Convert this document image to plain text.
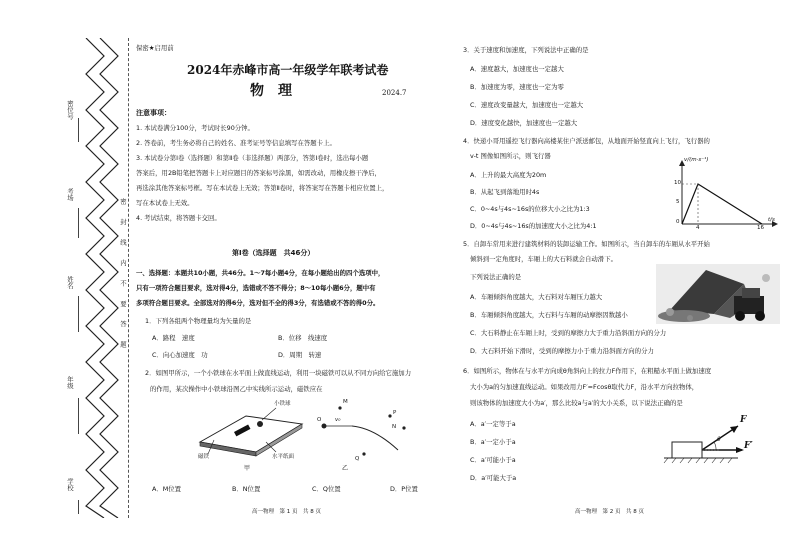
密位号
考场
姓名
年级
学校
密 封 线 内 不 要 答 题
保密★启用前
2024年赤峰市高一年级学年联考试卷
物　理	2024.7
注意事项：
1. 本试卷满分100分，考试时长90分钟。
2. 答卷前，考生务必将自己的姓名、准考证号等信息填写在答题卡上。
3. 本试卷分第Ⅰ卷（选择题）和第Ⅱ卷（非选择题）两部分，答第Ⅰ卷时，选出每小题
答案后，用2B铅笔把答题卡上对应题目的答案标号涂黑，如需改动，用橡皮擦干净后，
再选涂其他答案标号框。写在本试卷上无效；答第Ⅱ卷时，将答案写在答题卡相应位置上，
写在本试卷上无效。
4. 考试结束，将答题卡交回。
第Ⅰ卷（选择题　共46分）
一、选择题：本题共10小题，共46分。1～7每小题4分，在每小题给出的四个选项中，
只有一项符合题目要求，选对得4分，选错或不答不得分；8～10每小题6分，题中有
多项符合题目要求。全部选对的得6分，选对但不全的得3分，有选错或不答的得0分。
1．下列各组两个物理量均为矢量的是
A．路程　速度	B．位移　线速度
C．向心加速度　功	D．周期　转速
2．如图甲所示，一个小铁球在水平面上做直线运动，利用一块磁铁可以从不同方向给它施加力
的作用，某次操作中小铁球沿图乙中实线所示运动，磁铁应在
小铁球
磁铁	水平纸面
甲
O v₀
M
N
P
Q
乙
A．M位置	B．N位置	C．Q位置	D．P位置
高一物理　第 1 页　共 8 页
3．关于速度和加速度，下列说法中正确的是
A．速度越大，加速度也一定越大
B．加速度为零，速度也一定为零
C．速度改变量越大，加速度也一定越大
D．速度变化越快，加速度也一定越大
4．快递小哥用遥控飞行器向高楼某住户派送邮包，从地面开始竖直向上飞行，飞行器的
v-t 图像如图所示，则飞行器
A．上升的最大高度为20m
B．从起飞到落地用时4s
C．0~4s与4s~16s的位移大小之比为1:3
D．0~4s与4s~16s的加速度大小之比为4:1
v/(m·s⁻¹)
10
5
0
4	16
t/s
5．自卸车常用来进行建筑材料的装卸运输工作。如图所示，当自卸车的车厢从水平开始
倾斜到一定角度时，车厢上的大石料就会自动滑下。
下列说法正确的是
A．车厢倾斜角度越大，大石料对车厢压力越大
B．车厢倾斜角度越大，大石料与车厢的动摩擦因数越小
C．大石料静止在车厢上时，受到的摩擦力大于重力沿斜面方向的分力
D．大石料开始下滑时，受到的摩擦力小于重力沿斜面方向的分力
6．如图所示，物体在与水平方向成θ角斜向上的拉力F作用下，在粗糙水平面上做加速度
大小为a的匀加速直线运动。如果改用力F′=Fcosθ取代力F，沿水平方向拉物体，
则该物体的加速度大小为a′，那么比较a与a′的大小关系，以下说法正确的是
A．a′一定等于a
B．a′一定小于a
C．a′可能小于a
D．a′可能大于a
F
F′
θ
高一物理　第 2 页　共 8 页
